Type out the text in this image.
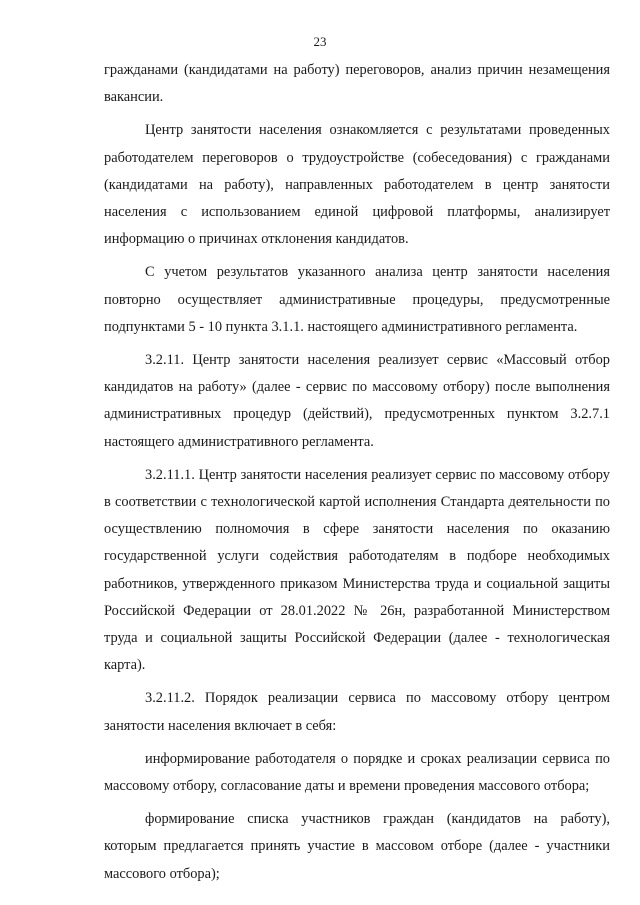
23

гражданами (кандидатами на работу) переговоров, анализ причин незамещения вакансии.

Центр занятости населения ознакомляется с результатами проведенных работодателем переговоров о трудоустройстве (собеседования) с гражданами (кандидатами на работу), направленных работодателем в центр занятости населения с использованием единой цифровой платформы, анализирует информацию о причинах отклонения кандидатов.

С учетом результатов указанного анализа центр занятости населения повторно осуществляет административные процедуры, предусмотренные подпунктами 5 - 10 пункта 3.1.1. настоящего административного регламента.

3.2.11. Центр занятости населения реализует сервис «Массовый отбор кандидатов на работу» (далее - сервис по массовому отбору) после выполнения административных процедур (действий), предусмотренных пунктом 3.2.7.1 настоящего административного регламента.

3.2.11.1. Центр занятости населения реализует сервис по массовому отбору в соответствии с технологической картой исполнения Стандарта деятельности по осуществлению полномочия в сфере занятости населения по оказанию государственной услуги содействия работодателям в подборе необходимых работников, утвержденного приказом Министерства труда и социальной защиты Российской Федерации от 28.01.2022 № 26н, разработанной Министерством труда и социальной защиты Российской Федерации (далее - технологическая карта).

3.2.11.2. Порядок реализации сервиса по массовому отбору центром занятости населения включает в себя:

информирование работодателя о порядке и сроках реализации сервиса по массовому отбору, согласование даты и времени проведения массового отбора;

формирование списка участников граждан (кандидатов на работу), которым предлагается принять участие в массовом отборе (далее - участники массового отбора);
